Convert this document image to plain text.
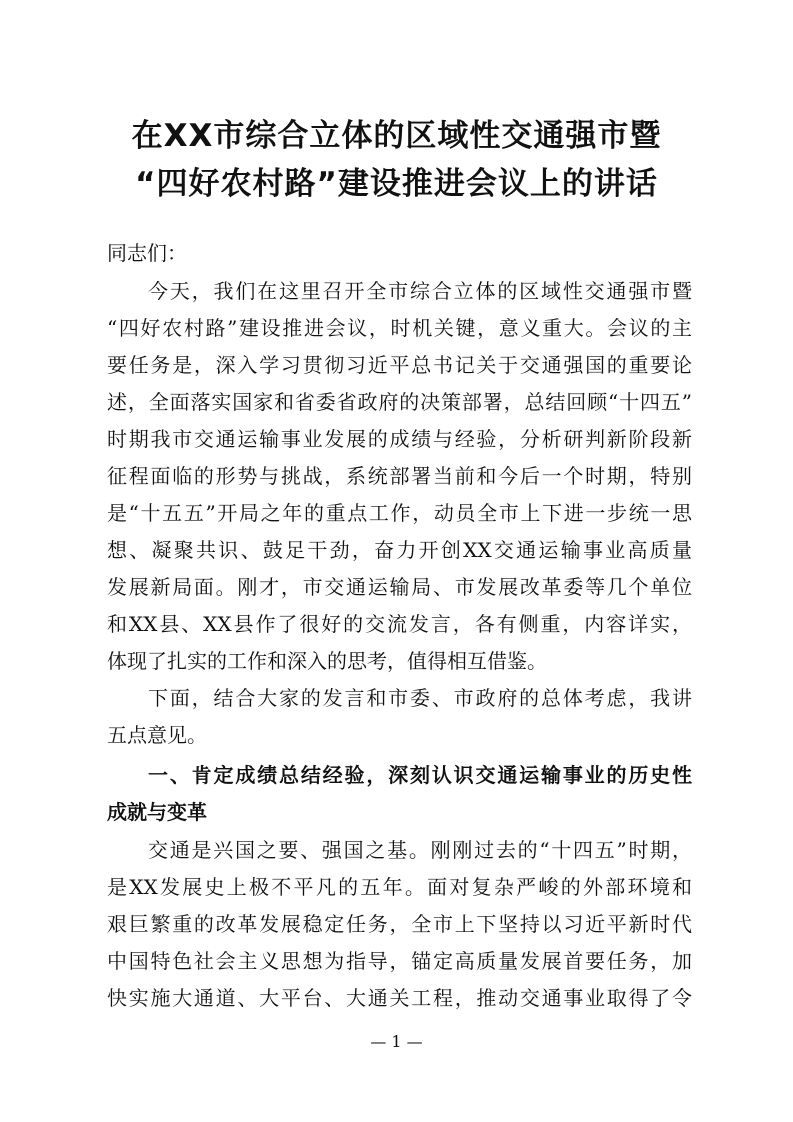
在XX市综合立体的区域性交通强市暨
“四好农村路”建设推进会议上的讲话
同志们：
今天，我们在这里召开全市综合立体的区域性交通强市暨
“四好农村路”建设推进会议，时机关键，意义重大。会议的主
要任务是，深入学习贯彻习近平总书记关于交通强国的重要论
述，全面落实国家和省委省政府的决策部署，总结回顾“十四五”
时期我市交通运输事业发展的成绩与经验，分析研判新阶段新
征程面临的形势与挑战，系统部署当前和今后一个时期，特别
是“十五五”开局之年的重点工作，动员全市上下进一步统一思
想、凝聚共识、鼓足干劲，奋力开创XX交通运输事业高质量
发展新局面。刚才，市交通运输局、市发展改革委等几个单位
和XX县、XX县作了很好的交流发言，各有侧重，内容详实，
体现了扎实的工作和深入的思考，值得相互借鉴。
下面，结合大家的发言和市委、市政府的总体考虑，我讲
五点意见。
一、肯定成绩总结经验，深刻认识交通运输事业的历史性
成就与变革
交通是兴国之要、强国之基。刚刚过去的“十四五”时期，
是XX发展史上极不平凡的五年。面对复杂严峻的外部环境和
艰巨繁重的改革发展稳定任务，全市上下坚持以习近平新时代
中国特色社会主义思想为指导，锚定高质量发展首要任务，加
快实施大通道、大平台、大通关工程，推动交通事业取得了令
— 1 —
